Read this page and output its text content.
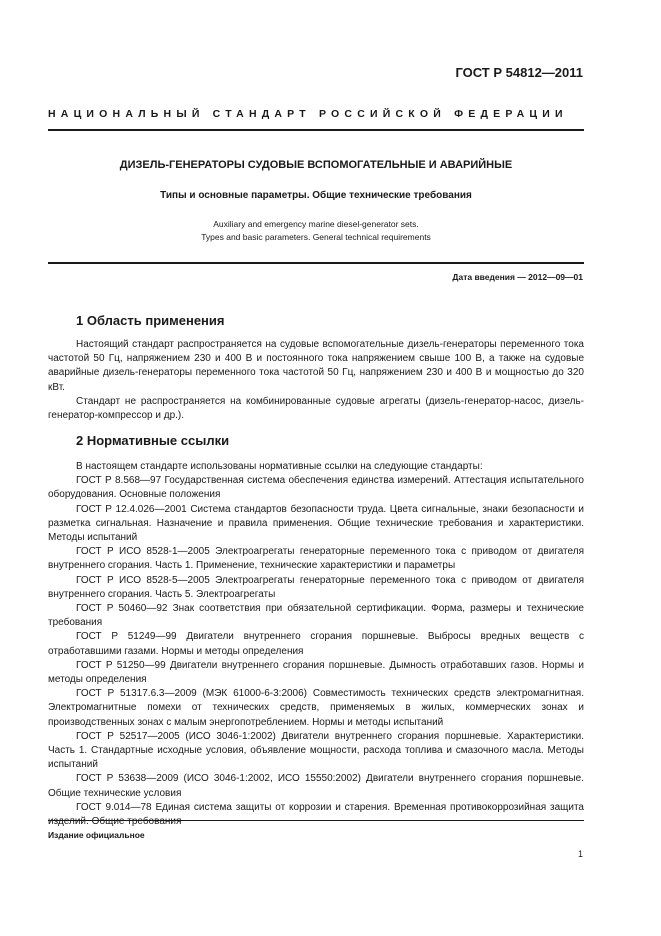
ГОСТ Р 54812—2011
НАЦИОНАЛЬНЫЙ СТАНДАРТ РОССИЙСКОЙ ФЕДЕРАЦИИ
ДИЗЕЛЬ-ГЕНЕРАТОРЫ СУДОВЫЕ ВСПОМОГАТЕЛЬНЫЕ И АВАРИЙНЫЕ
Типы и основные параметры. Общие технические требования
Auxiliary and emergency marine diesel-generator sets.
Types and basic parameters. General technical requirements
Дата введения — 2012—09—01
1 Область применения

Настоящий стандарт распространяется на судовые вспомогательные дизель-генераторы переменного тока частотой 50 Гц, напряжением 230 и 400 В и постоянного тока напряжением свыше 100 В, а также на судовые аварийные дизель-генераторы переменного тока частотой 50 Гц, напряжением 230 и 400 В и мощностью до 320 кВт.

Стандарт не распространяется на комбинированные судовые агрегаты (дизель-генератор-насос, дизель-генератор-компрессор и др.).

2 Нормативные ссылки

В настоящем стандарте использованы нормативные ссылки на следующие стандарты:

ГОСТ Р 8.568—97 Государственная система обеспечения единства измерений. Аттестация испытательного оборудования. Основные положения

ГОСТ Р 12.4.026—2001 Система стандартов безопасности труда. Цвета сигнальные, знаки безопасности и разметка сигнальная. Назначение и правила применения. Общие технические требования и характеристики. Методы испытаний

ГОСТ Р ИСО 8528-1—2005 Электроагрегаты генераторные переменного тока с приводом от двигателя внутреннего сгорания. Часть 1. Применение, технические характеристики и параметры

ГОСТ Р ИСО 8528-5—2005 Электроагрегаты генераторные переменного тока с приводом от двигателя внутреннего сгорания. Часть 5. Электроагрегаты

ГОСТ Р 50460—92 Знак соответствия при обязательной сертификации. Форма, размеры и технические требования

ГОСТ Р 51249—99 Двигатели внутреннего сгорания поршневые. Выбросы вредных веществ с отработавшими газами. Нормы и методы определения

ГОСТ Р 51250—99 Двигатели внутреннего сгорания поршневые. Дымность отработавших газов. Нормы и методы определения

ГОСТ Р 51317.6.3—2009 (МЭК 61000-6-3:2006) Совместимость технических средств электромагнитная. Электромагнитные помехи от технических средств, применяемых в жилых, коммерческих зонах и производственных зонах с малым энергопотреблением. Нормы и методы испытаний

ГОСТ Р 52517—2005 (ИСО 3046-1:2002) Двигатели внутреннего сгорания поршневые. Характеристики. Часть 1. Стандартные исходные условия, объявление мощности, расхода топлива и смазочного масла. Методы испытаний

ГОСТ Р 53638—2009 (ИСО 3046-1:2002, ИСО 15550:2002) Двигатели внутреннего сгорания поршневые. Общие технические условия

ГОСТ 9.014—78 Единая система защиты от коррозии и старения. Временная противокоррозийная защита изделий. Общие требования

Издание официальное
1
